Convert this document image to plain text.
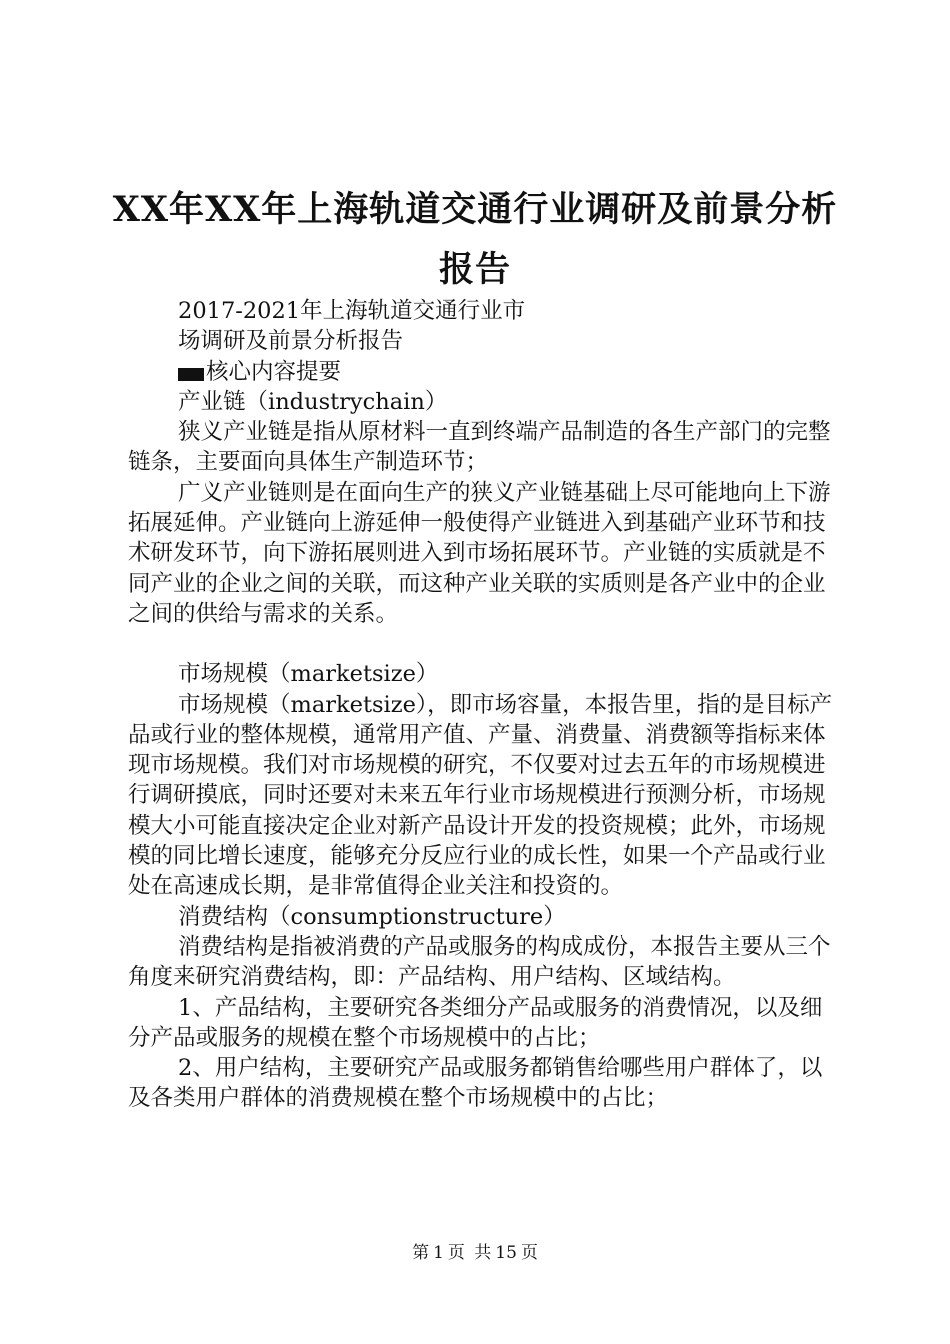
XX年XX年上海轨道交通行业调研及前景分析
报告

2017-2021年上海轨道交通行业市

场调研及前景分析报告

核心内容提要

产业链（industrychain）

狭义产业链是指从原材料一直到终端产品制造的各生产部门的完整链条，主要面向具体生产制造环节；

广义产业链则是在面向生产的狭义产业链基础上尽可能地向上下游拓展延伸。产业链向上游延伸一般使得产业链进入到基础产业环节和技术研发环节，向下游拓展则进入到市场拓展环节。产业链的实质就是不同产业的企业之间的关联，而这种产业关联的实质则是各产业中的企业之间的供给与需求的关系。

市场规模（marketsize）

市场规模（marketsize），即市场容量，本报告里，指的是目标产品或行业的整体规模，通常用产值、产量、消费量、消费额等指标来体现市场规模。我们对市场规模的研究，不仅要对过去五年的市场规模进行调研摸底，同时还要对未来五年行业市场规模进行预测分析，市场规模大小可能直接决定企业对新产品设计开发的投资规模；此外，市场规模的同比增长速度，能够充分反应行业的成长性，如果一个产品或行业处在高速成长期，是非常值得企业关注和投资的。

消费结构（consumptionstructure）

消费结构是指被消费的产品或服务的构成成份，本报告主要从三个角度来研究消费结构，即：产品结构、用户结构、区域结构。

1、产品结构，主要研究各类细分产品或服务的消费情况，以及细分产品或服务的规模在整个市场规模中的占比；

2、用户结构，主要研究产品或服务都销售给哪些用户群体了，以及各类用户群体的消费规模在整个市场规模中的占比；

第 1 页 共 15 页
